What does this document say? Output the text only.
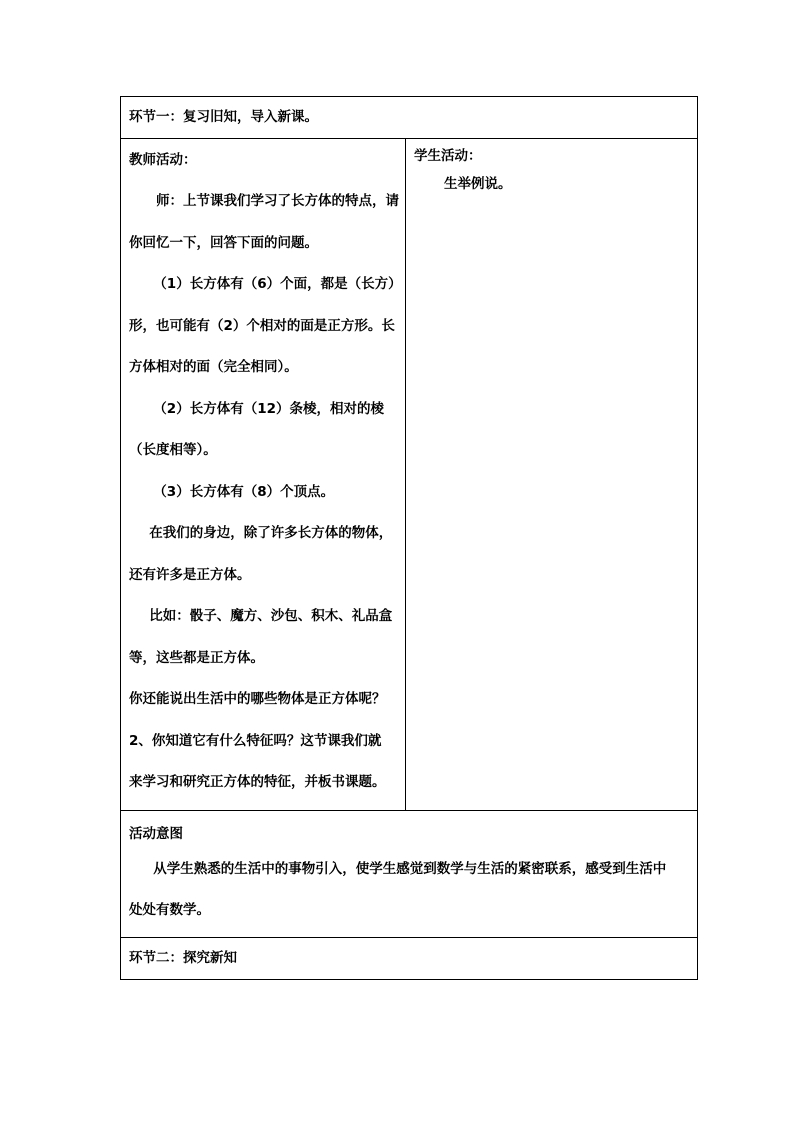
环节一：复习旧知，导入新课。

教师活动：
师：上节课我们学习了长方体的特点，请
你回忆一下，回答下面的问题。
（1）长方体有（6）个面，都是（长方）
形，也可能有（2）个相对的面是正方形。长
方体相对的面（完全相同）。
（2）长方体有（12）条棱，相对的棱
（长度相等）。
（3）长方体有（8）个顶点。
在我们的身边，除了许多长方体的物体，
还有许多是正方体。
比如：骰子、魔方、沙包、积木、礼品盒
等，这些都是正方体。
你还能说出生活中的哪些物体是正方体呢？
2、你知道它有什么特征吗？这节课我们就
来学习和研究正方体的特征，并板书课题。

学生活动：
生举例说。

活动意图
从学生熟悉的生活中的事物引入，使学生感觉到数学与生活的紧密联系，感受到生活中
处处有数学。

环节二：探究新知
